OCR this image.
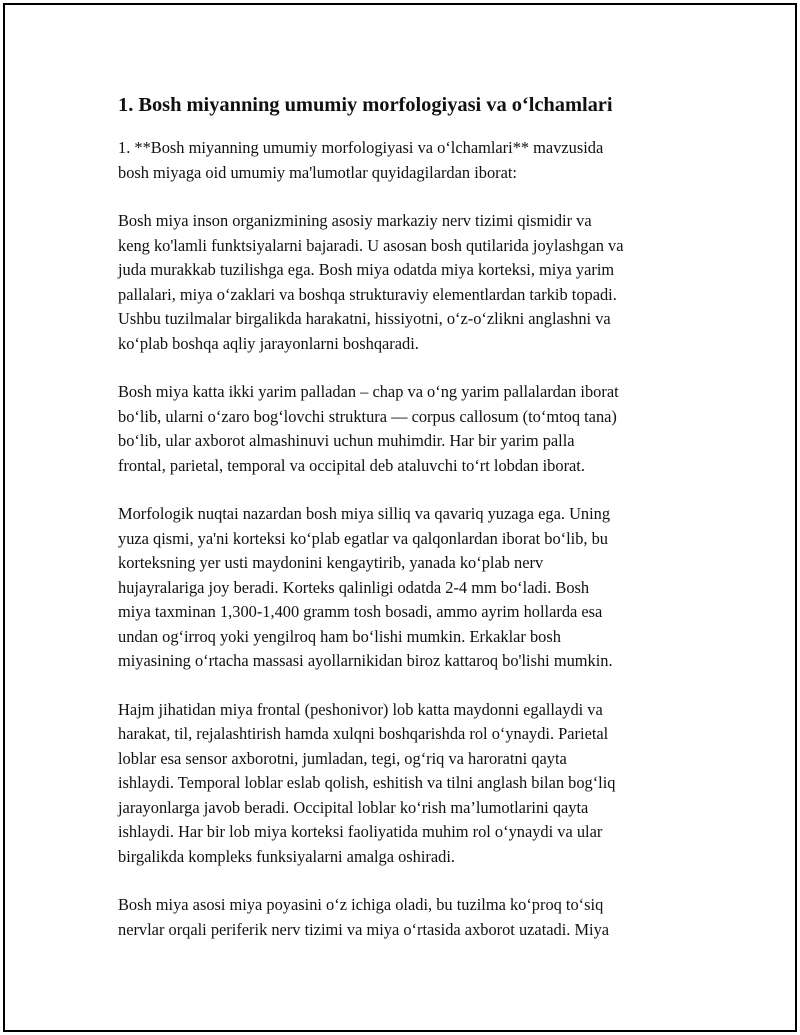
1. Bosh miyanning umumiy morfologiyasi va o‘lchamlari

1. **Bosh miyanning umumiy morfologiyasi va o‘lchamlari** mavzusida
bosh miyaga oid umumiy ma'lumotlar quyidagilardan iborat:

Bosh miya inson organizmining asosiy markaziy nerv tizimi qismidir va
keng ko'lamli funktsiyalarni bajaradi. U asosan bosh qutilarida joylashgan va
juda murakkab tuzilishga ega. Bosh miya odatda miya korteksi, miya yarim
pallalari, miya o‘zaklari va boshqa strukturaviy elementlardan tarkib topadi.
Ushbu tuzilmalar birgalikda harakatni, hissiyotni, o‘z-o‘zlikni anglashni va
ko‘plab boshqa aqliy jarayonlarni boshqaradi.

Bosh miya katta ikki yarim palladan – chap va o‘ng yarim pallalardan iborat
bo‘lib, ularni o‘zaro bog‘lovchi struktura — corpus callosum (to‘mtoq tana)
bo‘lib, ular axborot almashinuvi uchun muhimdir. Har bir yarim palla
frontal, parietal, temporal va occipital deb ataluvchi to‘rt lobdan iborat.

Morfologik nuqtai nazardan bosh miya silliq va qavariq yuzaga ega. Uning
yuza qismi, ya'ni korteksi ko‘plab egatlar va qalqonlardan iborat bo‘lib, bu
korteksning yer usti maydonini kengaytirib, yanada ko‘plab nerv
hujayralariga joy beradi. Korteks qalinligi odatda 2-4 mm bo‘ladi. Bosh
miya taxminan 1,300-1,400 gramm tosh bosadi, ammo ayrim hollarda esa
undan og‘irroq yoki yengilroq ham bo‘lishi mumkin. Erkaklar bosh
miyasining o‘rtacha massasi ayollarnikidan biroz kattaroq bo'lishi mumkin.

Hajm jihatidan miya frontal (peshonivor) lob katta maydonni egallaydi va
harakat, til, rejalashtirish hamda xulqni boshqarishda rol o‘ynaydi. Parietal
loblar esa sensor axborotni, jumladan, tegi, og‘riq va haroratni qayta
ishlaydi. Temporal loblar eslab qolish, eshitish va tilni anglash bilan bog‘liq
jarayonlarga javob beradi. Occipital loblar ko‘rish ma’lumotlarini qayta
ishlaydi. Har bir lob miya korteksi faoliyatida muhim rol o‘ynaydi va ular
birgalikda kompleks funksiyalarni amalga oshiradi.

Bosh miya asosi miya poyasini o‘z ichiga oladi, bu tuzilma ko‘proq to‘siq
nervlar orqali periferik nerv tizimi va miya o‘rtasida axborot uzatadi. Miya
